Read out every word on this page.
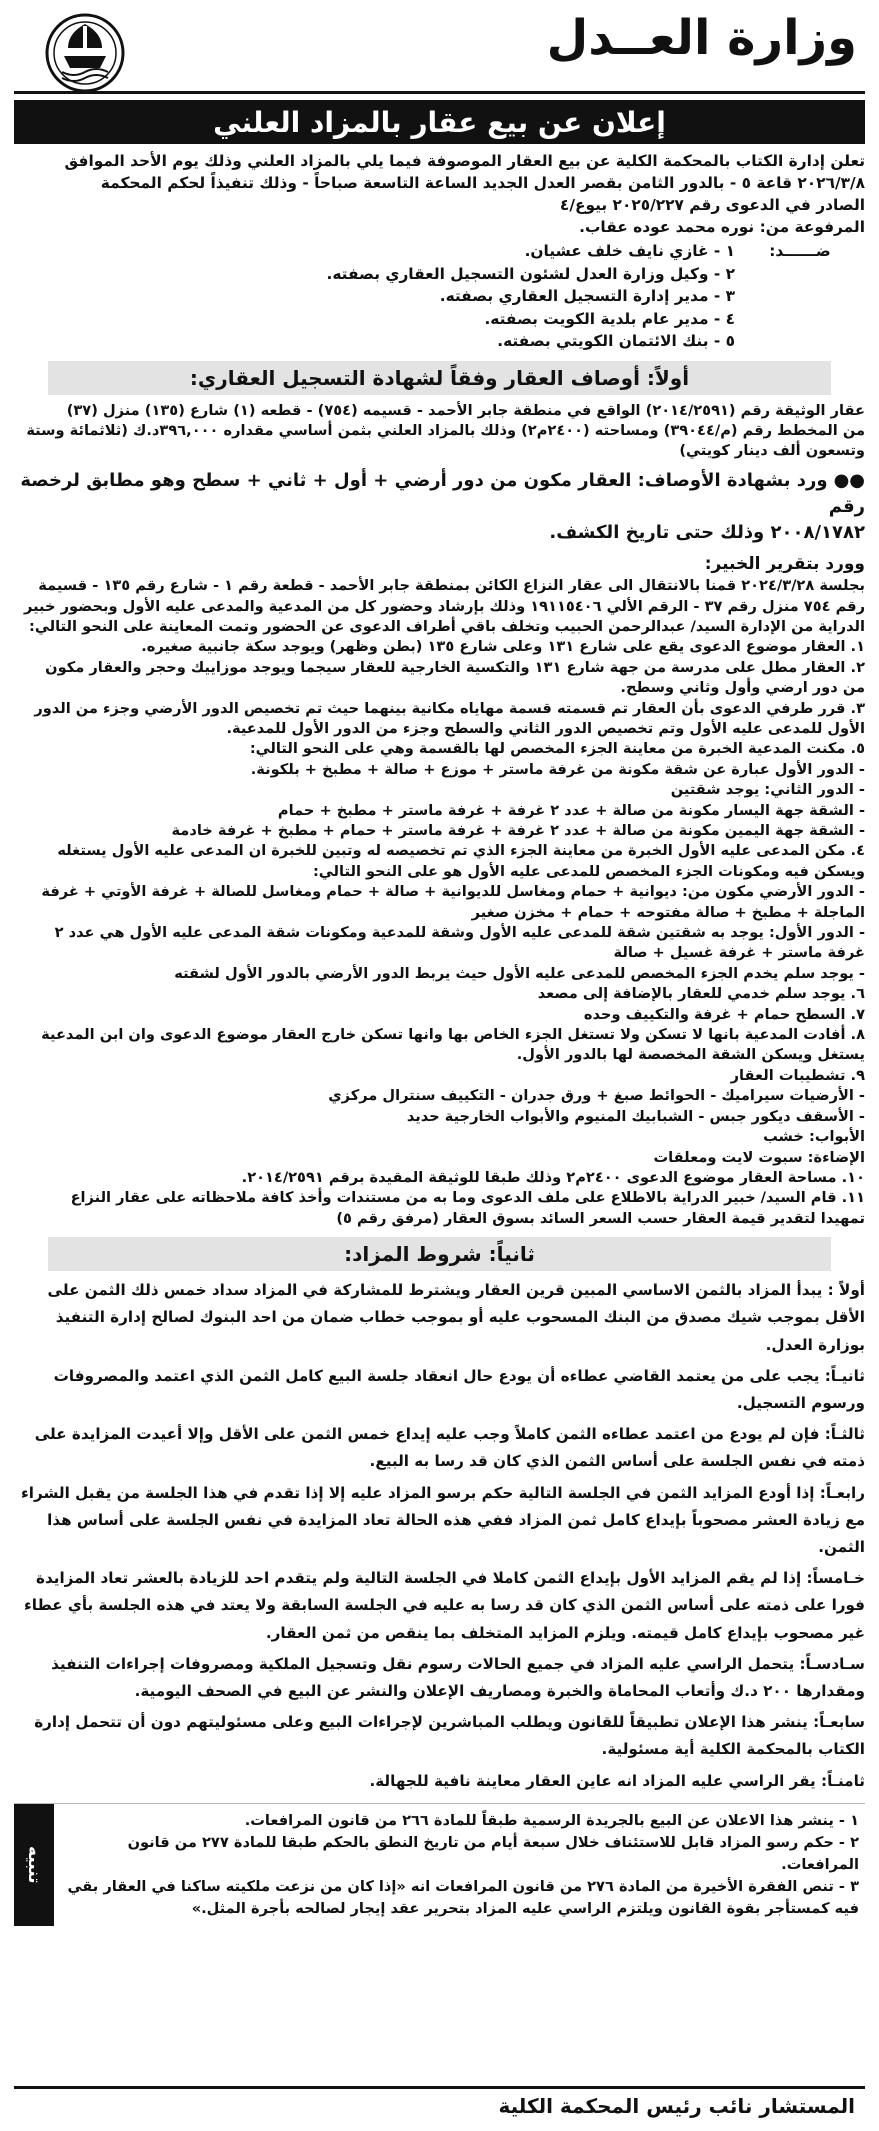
وزارة العــدل
إعلان عن بيع عقار بالمزاد العلني

تعلن إدارة الكتاب بالمحكمة الكلية عن بيع العقار الموصوفة فيما يلي بالمزاد العلني وذلك يوم الأحد الموافق

٢٠٢٦/٣/٨ قاعة ٥ - بالدور الثامن بقصر العدل الجديد الساعة التاسعة صباحاً - وذلك تنفيذاً لحكم المحكمة

الصادر في الدعوى رقم ٢٠٢٥/٢٢٧ بيوع/٤

المرفوعة من: نوره محمد عوده عقاب.

ضــــــد:
١ - غازي نايف خلف عشيان.
٢ - وكيل وزارة العدل لشئون التسجيل العقاري بصفته.
٣ - مدير إدارة التسجيل العقاري بصفته.
٤ - مدير عام بلدية الكويت بصفته.
٥ - بنك الائتمان الكويتي بصفته.
أولاً: أوصاف العقار وفقاً لشهادة التسجيل العقاري:
عقار الوثيقة رقم (٢٠١٤/٢٥٩١) الواقع في منطقة جابر الأحمد - قسيمه (٧٥٤) - قطعه (١) شارع (١٣٥) منزل (٣٧)
من المخطط رقم (م/٣٩٠٤٤) ومساحته (٢٤٠٠م٢) وذلك بالمزاد العلني بثمن أساسي مقداره ٣٩٦,٠٠٠د.ك (ثلاثمائة وستة
وتسعون ألف دينار كويتي)
●●ورد بشهادة الأوصاف: العقار مكون من دور أرضي + أول + ثاني + سطح وهو مطابق لرخصة رقم
٢٠٠٨/١٧٨٢ وذلك حتى تاريخ الكشف.
وورد بتقرير الخبير:
بجلسة ٢٠٢٤/٣/٢٨ قمنا بالانتقال الى عقار النزاع الكائن بمنطقة جابر الأحمد - قطعة رقم ١ - شارع رقم ١٣٥ - قسيمة
رقم ٧٥٤ منزل رقم ٣٧ - الرقم الألي ١٩١١٥٤٠٦ وذلك بإرشاد وحضور كل من المدعية والمدعى عليه الأول وبحضور خبير
الدراية من الإدارة السيد/ عبدالرحمن الحبيب وتخلف باقي أطراف الدعوى عن الحضور وتمت المعاينة على النحو التالي:
١. العقار موضوع الدعوى يقع على شارع ١٣١ وعلى شارع ١٣٥ (بطن وظهر) ويوجد سكة جانبية صغيره.
٢. العقار مطل على مدرسة من جهة شارع ١٣١ والتكسية الخارجية للعقار سيجما ويوجد موزاييك وحجر والعقار مكون
من دور ارضي وأول وثاني وسطح.
٣. قرر طرفي الدعوى بأن العقار تم قسمته قسمة مهاياه مكانية بينهما حيث تم تخصيص الدور الأرضي وجزء من الدور
الأول للمدعى عليه الأول وتم تخصيص الدور الثاني والسطح وجزء من الدور الأول للمدعية.
٥. مكنت المدعية الخبرة من معاينة الجزء المخصص لها بالقسمة وهي على النحو التالي:
- الدور الأول عبارة عن شقة مكونة من غرفة ماستر + موزع + صالة + مطبخ + بلكونة.
- الدور الثاني: يوجد شقتين
- الشقة جهة اليسار مكونة من صالة + عدد ٢ غرفة + غرفة ماستر + مطبخ + حمام
- الشقة جهة اليمين مكونة من صالة + عدد ٢ غرفة + غرفة ماستر + حمام + مطبخ + غرفة خادمة
٤. مكن المدعى عليه الأول الخبرة من معاينة الجزء الذي تم تخصيصه له وتبين للخبرة ان المدعى عليه الأول يستغله
ويسكن فيه ومكونات الجزء المخصص للمدعى عليه الأول هو على النحو التالي:
- الدور الأرضي مكون من: ديوانية + حمام ومغاسل للديوانية + صالة + حمام ومغاسل للصالة + غرفة الأوتي + غرفة
الماجلة + مطبخ + صالة مفتوحه + حمام + مخزن صغير
- الدور الأول: يوجد به شقتين شقة للمدعى عليه الأول وشقة للمدعية ومكونات شقة المدعى عليه الأول هي عدد ٢
غرفة ماستر + غرفة غسيل + صالة
- يوجد سلم يخدم الجزء المخصص للمدعى عليه الأول حيث يربط الدور الأرضي بالدور الأول لشقته
٦. يوجد سلم خدمي للعقار بالإضافة إلى مصعد
٧. السطح حمام + غرفة والتكييف وحده
٨. أفادت المدعية بانها لا تسكن ولا تستغل الجزء الخاص بها وانها تسكن خارج العقار موضوع الدعوى وان ابن المدعية
يستغل ويسكن الشقة المخصصة لها بالدور الأول.
٩. تشطيبات العقار
- الأرضيات سيراميك - الحوائط صبغ + ورق جدران - التكييف سنترال مركزي
- الأسقف ديكور جبس - الشبابيك المنيوم والأبواب الخارجية حديد
الأبواب: خشب
الإضاءة: سبوت لايت ومعلقات
١٠. مساحة العقار موضوع الدعوى ٢٤٠٠م٢ وذلك طبقا للوثيقة المقيدة برقم ٢٠١٤/٢٥٩١.
١١. قام السيد/ خبير الدراية بالاطلاع على ملف الدعوى وما به من مستندات وأخذ كافة ملاحظاته على عقار النزاع
تمهيدا لتقدير قيمة العقار حسب السعر السائد بسوق العقار (مرفق رقم ٥)
ثانياً: شروط المزاد:
أولاً : يبدأ المزاد بالثمن الاساسي المبين قرين العقار ويشترط للمشاركة في المزاد سداد خمس ذلك الثمن على الأقل بموجب شيك مصدق من البنك المسحوب عليه أو بموجب خطاب ضمان من احد البنوك لصالح إدارة التنفيذ بوزارة العدل.
ثانيـاً: يجب على من يعتمد القاضي عطاءه أن يودع حال انعقاد جلسة البيع كامل الثمن الذي اعتمد والمصروفات ورسوم التسجيل.
ثالثـاً: فإن لم يودع من اعتمد عطاءه الثمن كاملاً وجب عليه إيداع خمس الثمن على الأقل وإلا أعيدت المزايدة على ذمته في نفس الجلسة على أساس الثمن الذي كان قد رسا به البيع.
رابعـاً: إذا أودع المزايد الثمن في الجلسة التالية حكم برسو المزاد عليه إلا إذا تقدم في هذا الجلسة من يقبل الشراء مع زيادة العشر مصحوباً بإيداع كامل ثمن المزاد ففي هذه الحالة تعاد المزايدة في نفس الجلسة على أساس هذا الثمن.
خـامساً: إذا لم يقم المزايد الأول بإيداع الثمن كاملا في الجلسة التالية ولم يتقدم احد للزيادة بالعشر تعاد المزايدة فورا على ذمته على أساس الثمن الذي كان قد رسا به عليه في الجلسة السابقة ولا يعتد في هذه الجلسة بأي عطاء غير مصحوب بإيداع كامل قيمته. ويلزم المزايد المتخلف بما ينقص من ثمن العقار.
سـادسـاً: يتحمل الراسي عليه المزاد في جميع الحالات رسوم نقل وتسجيل الملكية ومصروفات إجراءات التنفيذ ومقدارها ٢٠٠ د.ك وأتعاب المحاماة والخبرة ومصاريف الإعلان والنشر عن البيع في الصحف اليومية.
سابعـاً: ينشر هذا الإعلان تطبيقاً للقانون ويطلب المباشرين لإجراءات البيع وعلى مسئوليتهم دون أن تتحمل إدارة الكتاب بالمحكمة الكلية أية مسئولية.
ثامنـاً: يقر الراسي عليه المزاد انه عاين العقار معاينة نافية للجهالة.
١ - ينشر هذا الاعلان عن البيع بالجريدة الرسمية طبقاً للمادة ٢٦٦ من قانون المرافعات.
٢ - حكم رسو المزاد قابل للاستئناف خلال سبعة أيام من تاريخ النطق بالحكم طبقا للمادة ٢٧٧ من قانون المرافعات.
٣ - تنص الفقرة الأخيرة من المادة ٢٧٦ من قانون المرافعات انه «إذا كان من نزعت ملكيته ساكنا في العقار بقي فيه كمستأجر بقوة القانون ويلتزم الراسي عليه المزاد بتحرير عقد إيجار لصالحه بأجرة المثل.»
تنبيه
المستشار نائب رئيس المحكمة الكلية
